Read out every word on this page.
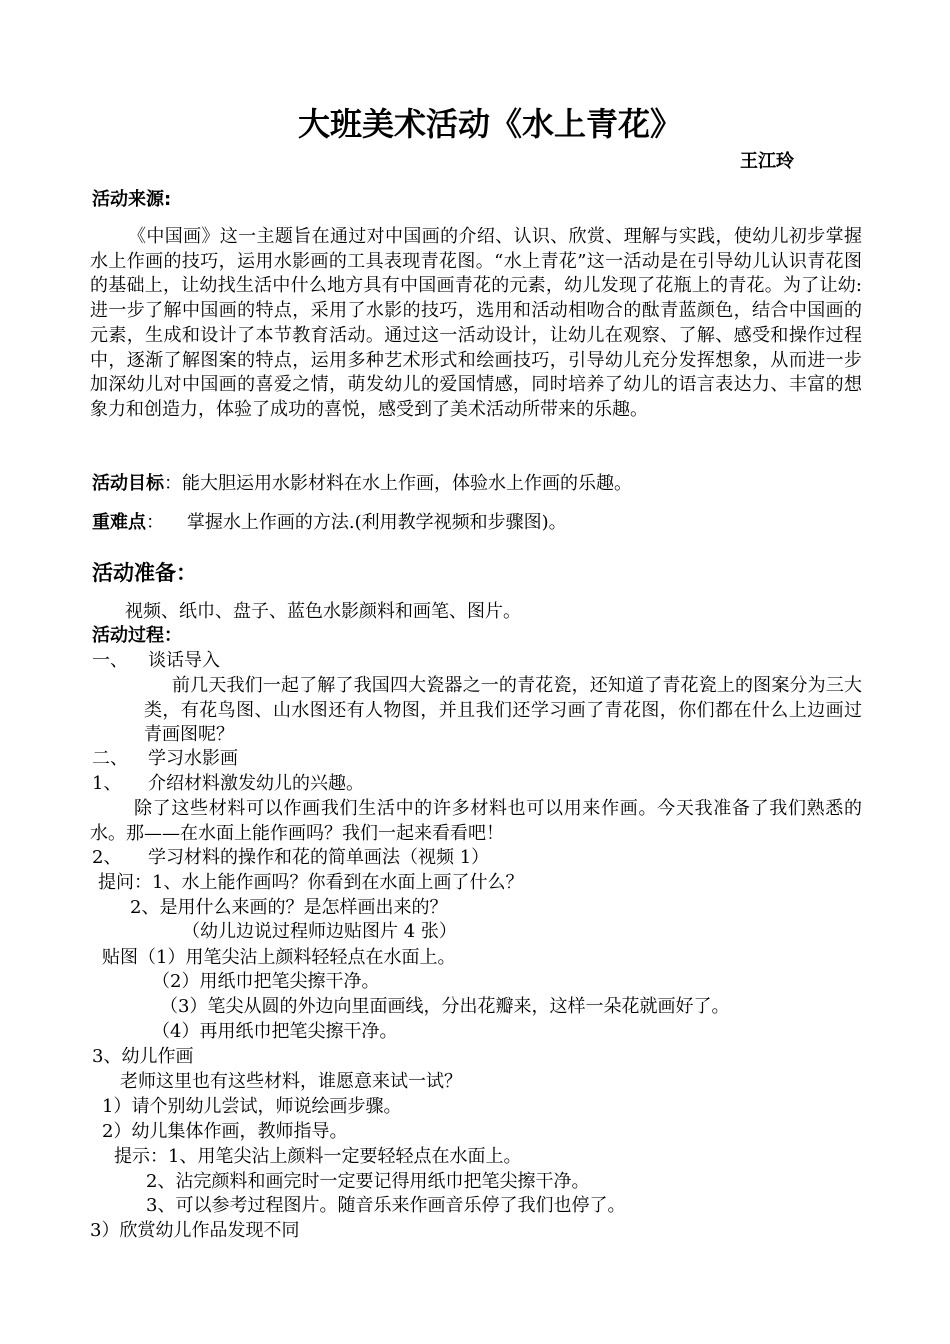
大班美术活动《水上青花》
王江玲
活动来源:

《中国画》这一主题旨在通过对中国画的介绍、认识、欣赏、理解与实践，使幼儿初步掌握水上作画的技巧，运用水影画的工具表现青花图。“水上青花”这一活动是在引导幼儿认识青花图的基础上，让幼找生活中什么地方具有中国画青花的元素，幼儿发现了花瓶上的青花。为了让幼:进一步了解中国画的特点，采用了水影的技巧，选用和活动相吻合的酞青蓝颜色，结合中国画的元素，生成和设计了本节教育活动。通过这一活动设计，让幼儿在观察、了解、感受和操作过程中，逐渐了解图案的特点，运用多种艺术形式和绘画技巧，引导幼儿充分发挥想象，从而进一步加深幼儿对中国画的喜爱之情，萌发幼儿的爱国情感，同时培养了幼儿的语言表达力、丰富的想象力和创造力，体验了成功的喜悦，感受到了美术活动所带来的乐趣。

活动目标：能大胆运用水影材料在水上作画，体验水上作画的乐趣。
重难点：    掌握水上作画的方法.(利用教学视频和步骤图)。
活动准备：
视频、纸巾、盘子、蓝色水影颜料和画笔、图片。
活动过程：
一、 谈话导入

前几天我们一起了解了我国四大瓷器之一的青花瓷，还知道了青花瓷上的图案分为三大类，有花鸟图、山水图还有人物图，并且我们还学习画了青花图，你们都在什么上边画过青画图呢？

二、 学习水影画
1、 介绍材料激发幼儿的兴趣。

除了这些材料可以作画我们生活中的许多材料也可以用来作画。今天我准备了我们熟悉的水。那——在水面上能作画吗？我们一起来看看吧！

2、 学习材料的操作和花的简单画法（视频 1）
提问：1、水上能作画吗？你看到在水面上画了什么？
2、是用什么来画的？是怎样画出来的？
（幼儿边说过程师边贴图片 4 张）
贴图（1）用笔尖沾上颜料轻轻点在水面上。
（2）用纸巾把笔尖擦干净。
（3）笔尖从圆的外边向里面画线，分出花瓣来，这样一朵花就画好了。
（4）再用纸巾把笔尖擦干净。
3、幼儿作画
老师这里也有这些材料，谁愿意来试一试？
1）请个别幼儿尝试，师说绘画步骤。
2）幼儿集体作画，教师指导。
提示：1、用笔尖沾上颜料一定要轻轻点在水面上。
2、沾完颜料和画完时一定要记得用纸巾把笔尖擦干净。
3、可以参考过程图片。随音乐来作画音乐停了我们也停了。
3）欣赏幼儿作品发现不同
